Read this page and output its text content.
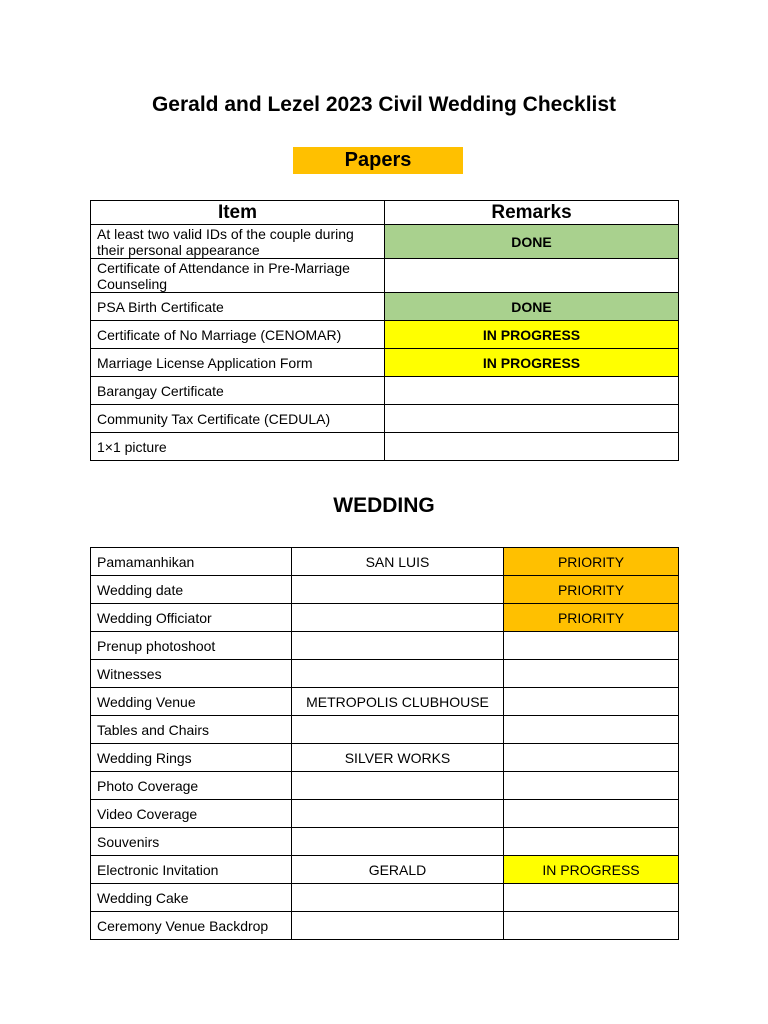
Gerald and Lezel 2023 Civil Wedding Checklist
Papers
Item	Remarks
At least two valid IDs of the couple during their personal appearance	DONE
Certificate of Attendance in Pre-Marriage Counseling	
PSA Birth Certificate	DONE
Certificate of No Marriage (CENOMAR)	IN PROGRESS
Marriage License Application Form	IN PROGRESS
Barangay Certificate	
Community Tax Certificate (CEDULA)	
1×1 picture	
WEDDING
Pamamanhikan	SAN LUIS	PRIORITY
Wedding date		PRIORITY
Wedding Officiator		PRIORITY
Prenup photoshoot		
Witnesses		
Wedding Venue	METROPOLIS CLUBHOUSE	
Tables and Chairs		
Wedding Rings	SILVER WORKS	
Photo Coverage		
Video Coverage		
Souvenirs		
Electronic Invitation	GERALD	IN PROGRESS
Wedding Cake		
Ceremony Venue Backdrop		
